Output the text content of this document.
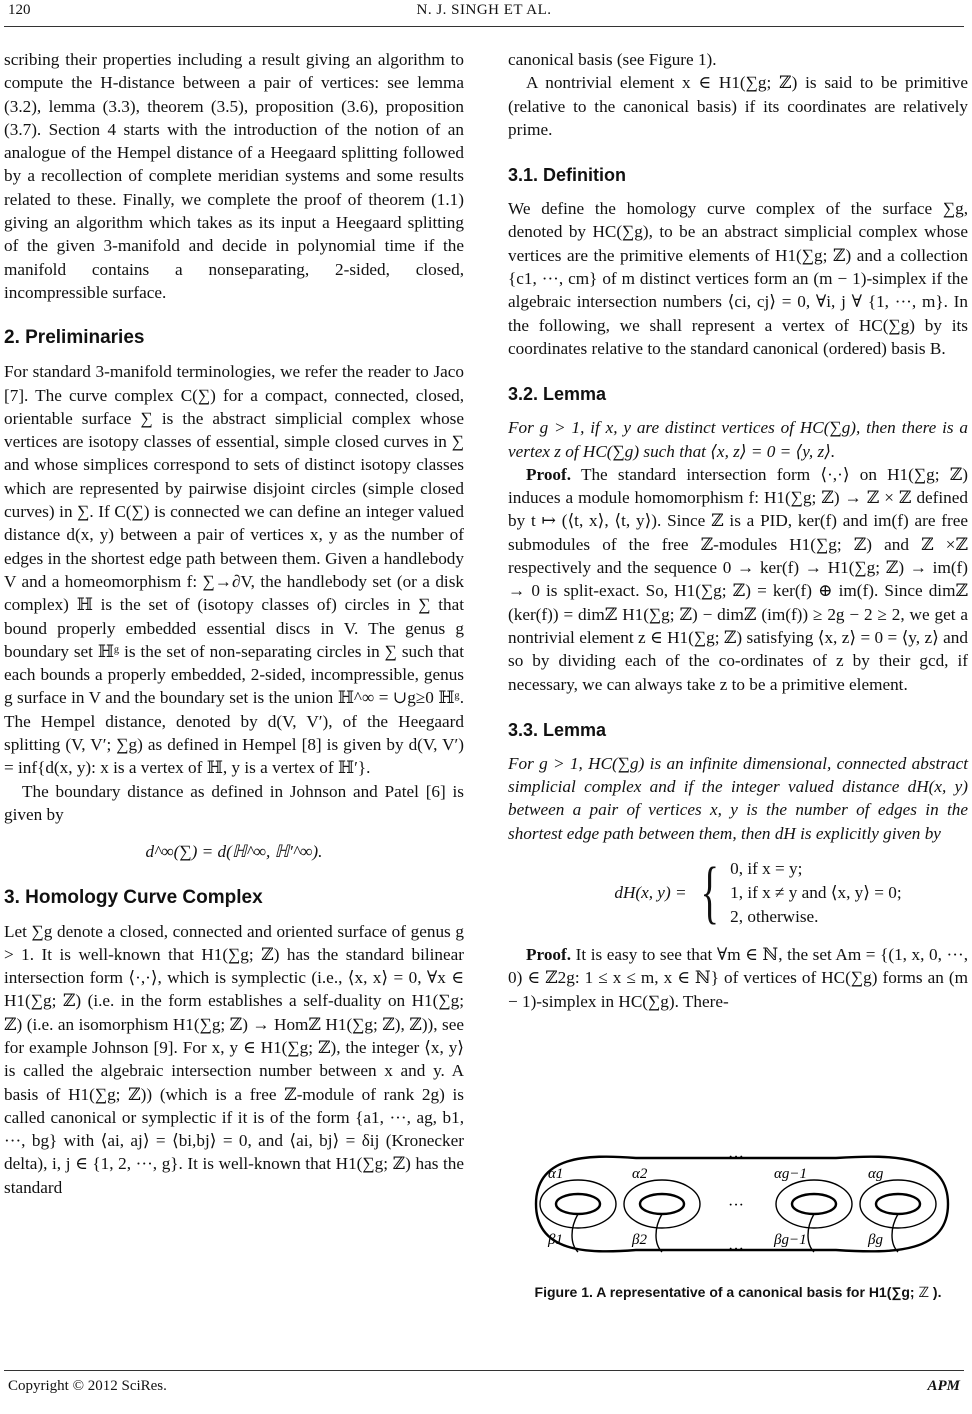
120	N. J. SINGH ET AL.

scribing their properties including a result giving an algorithm to compute the H-distance between a pair of vertices: see lemma (3.2), lemma (3.3), theorem (3.5), proposition (3.6), proposition (3.7). Section 4 starts with the introduction of the notion of an analogue of the Hempel distance of a Heegaard splitting followed by a recollection of complete meridian systems and some results related to these. Finally, we complete the proof of theorem (1.1) giving an algorithm which takes as its input a Heegaard splitting of the given 3-manifold and decide in polynomial time if the manifold contains a nonseparating, 2-sided, closed, incompressible surface.

2. Preliminaries

For standard 3-manifold terminologies, we refer the reader to Jaco [7]. The curve complex C(∑) for a compact, connected, closed, orientable surface ∑ is the abstract simplicial complex whose vertices are isotopy classes of essential, simple closed curves in ∑ and whose simplices correspond to sets of distinct isotopy classes which are represented by pairwise disjoint circles (simple closed curves) in ∑. If C(∑) is connected we can define an integer valued distance d(x, y) between a pair of vertices x, y as the number of edges in the shortest edge path between them. Given a handlebody V and a homeomorphism f: ∑→∂V, the handlebody set (or a disk complex) ℍ is the set of (isotopy classes of) circles in ∑ that bound properly embedded essential discs in V. The genus g boundary set ℍᵍ is the set of non-separating circles in ∑ such that each bounds a properly embedded, 2-sided, incompressible, genus g surface in V and the boundary set is the union ℍ^∞ = ∪g≥0 ℍᵍ. The Hempel distance, denoted by d(V, V′), of the Heegaard splitting (V, V′; ∑g) as defined in Hempel [8] is given by d(V, V′) = inf{d(x, y): x is a vertex of ℍ, y is a vertex of ℍ′}.

The boundary distance as defined in Johnson and Patel [6] is given by

d^∞(∑) = d(ℍ^∞, ℍ′^∞).
3. Homology Curve Complex

Let ∑g denote a closed, connected and oriented surface of genus g > 1. It is well-known that H1(∑g; ℤ) has the standard bilinear intersection form ⟨·,·⟩, which is symplectic (i.e., ⟨x, x⟩ = 0, ∀x ∈ H1(∑g; ℤ) (i.e. in the form establishes a self-duality on H1(∑g; ℤ) (i.e. an isomorphism H1(∑g; ℤ) → Homℤ H1(∑g; ℤ), ℤ)), see for example Johnson [9]. For x, y ∈ H1(∑g; ℤ), the integer ⟨x, y⟩ is called the algebraic intersection number between x and y. A basis of H1(∑g; ℤ)) (which is a free ℤ-module of rank 2g) is called canonical or symplectic if it is of the form {a1, ···, ag, b1, ···, bg} with ⟨ai, aj⟩ = ⟨bi,bj⟩ = 0, and ⟨ai, bj⟩ = δij (Kronecker delta), i, j ∈ {1, 2, ···, g}. It is well-known that H1(∑g; ℤ) has the standard

canonical basis (see Figure 1).

A nontrivial element x ∈ H1(∑g; ℤ) is said to be primitive (relative to the canonical basis) if its coordinates are relatively prime.

3.1. Definition

We define the homology curve complex of the surface ∑g, denoted by HC(∑g), to be an abstract simplicial complex whose vertices are the primitive elements of H1(∑g; ℤ) and a collection {c1, ···, cm} of m distinct vertices form an (m − 1)-simplex if the algebraic intersection numbers ⟨ci, cj⟩ = 0, ∀i, j ∀ {1, ···, m}. In the following, we shall represent a vertex of HC(∑g) by its coordinates relative to the standard canonical (ordered) basis B.

3.2. Lemma

For g > 1, if x, y are distinct vertices of HC(∑g), then there is a vertex z of HC(∑g) such that ⟨x, z⟩ = 0 = ⟨y, z⟩.

Proof. The standard intersection form ⟨·,·⟩ on H1(∑g; ℤ) induces a module homomorphism f: H1(∑g; ℤ) → ℤ × ℤ defined by t ↦ (⟨t, x⟩, ⟨t, y⟩). Since ℤ is a PID, ker(f) and im(f) are free submodules of the free ℤ-modules H1(∑g; ℤ) and ℤ ×ℤ respectively and the sequence 0 → ker(f) → H1(∑g; ℤ) → im(f) → 0 is split-exact. So, H1(∑g; ℤ) = ker(f) ⊕ im(f). Since dimℤ (ker(f)) = dimℤ H1(∑g; ℤ) − dimℤ (im(f)) ≥ 2g − 2 ≥ 2, we get a nontrivial element z ∈ H1(∑g; ℤ) satisfying ⟨x, z⟩ = 0 = ⟨y, z⟩ and so by dividing each of the co-ordinates of z by their gcd, if necessary, we can always take z to be a primitive element.

3.3. Lemma

For g > 1, HC(∑g) is an infinite dimensional, connected abstract simplicial complex and if the integer valued distance dH(x, y) between a pair of vertices x, y is the number of edges in the shortest edge path between them, then dH is explicitly given by

dH(x, y) = { 0, if x = y;
1, if x ≠ y and ⟨x, y⟩ = 0;
2, otherwise.

Proof. It is easy to see that ∀m ∈ ℕ, the set Am = {(1, x, 0, ···, 0) ∈ ℤ2g: 1 ≤ x ≤ m, x ∈ ℕ} of vertices of HC(∑g) forms an (m − 1)-simplex in HC(∑g). There-

···
···
···
α1	α2	αg−1	αg
β1	β2	βg−1	βg
Figure 1. A representative of a canonical basis for H1(∑g; ℤ ).
Copyright © 2012 SciRes.	APM
